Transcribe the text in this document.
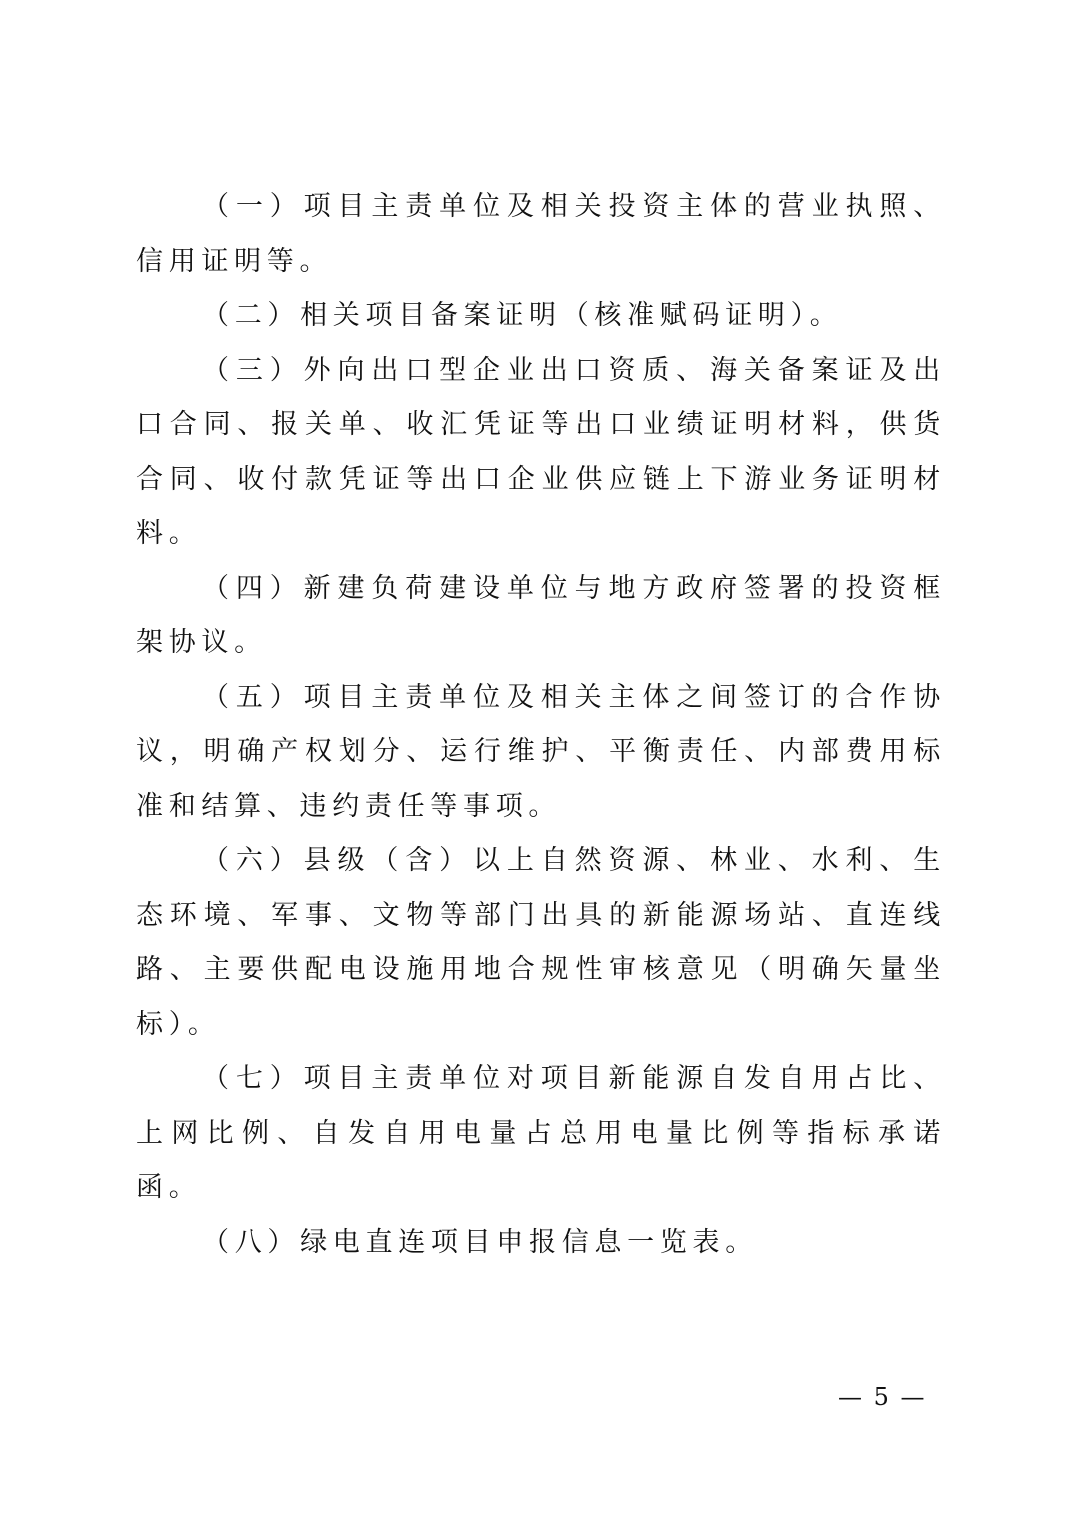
（一）项目主责单位及相关投资主体的营业执照、信用证明等。

（二）相关项目备案证明（核准赋码证明）。

（三）外向出口型企业出口资质、海关备案证及出口合同、报关单、收汇凭证等出口业绩证明材料，供货合同、收付款凭证等出口企业供应链上下游业务证明材料。

（四）新建负荷建设单位与地方政府签署的投资框架协议。

（五）项目主责单位及相关主体之间签订的合作协议，明确产权划分、运行维护、平衡责任、内部费用标准和结算、违约责任等事项。

（六）县级（含）以上自然资源、林业、水利、生态环境、军事、文物等部门出具的新能源场站、直连线路、主要供配电设施用地合规性审核意见（明确矢量坐标）。

（七）项目主责单位对项目新能源自发自用占比、上网比例、自发自用电量占总用电量比例等指标承诺函。

（八）绿电直连项目申报信息一览表。

— 5 —
